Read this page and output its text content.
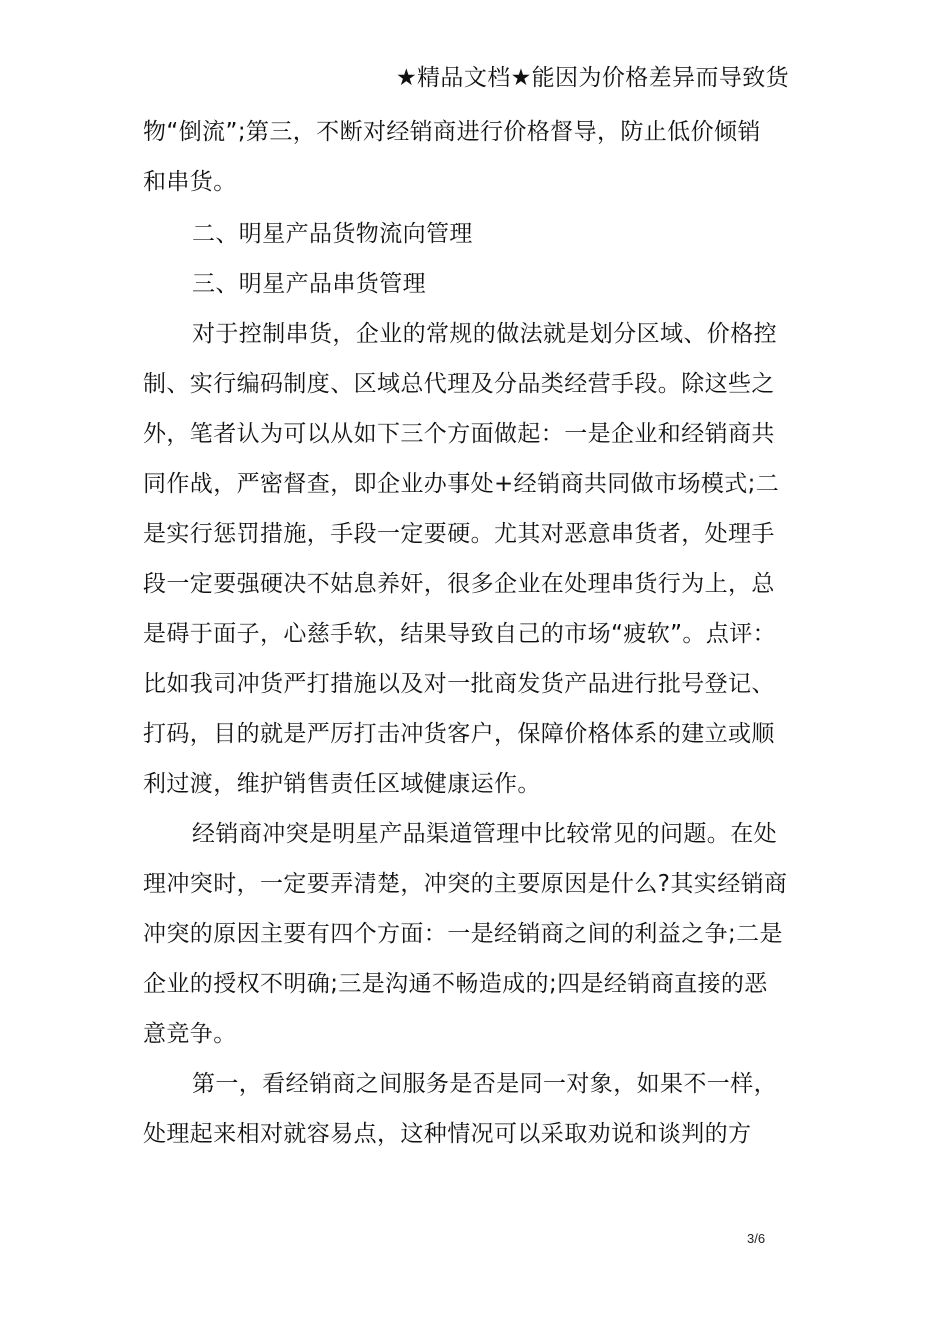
★精品文档★能因为价格差异而导致货
物“倒流”;第三，不断对经销商进行价格督导，防止低价倾销
和串货。
二、明星产品货物流向管理
三、明星产品串货管理
对于控制串货，企业的常规的做法就是划分区域、价格控
制、实行编码制度、区域总代理及分品类经营手段。除这些之
外，笔者认为可以从如下三个方面做起：一是企业和经销商共
同作战，严密督查，即企业办事处+经销商共同做市场模式;二
是实行惩罚措施，手段一定要硬。尤其对恶意串货者，处理手
段一定要强硬决不姑息养奸，很多企业在处理串货行为上，总
是碍于面子，心慈手软，结果导致自己的市场“疲软”。点评：
比如我司冲货严打措施以及对一批商发货产品进行批号登记、
打码，目的就是严厉打击冲货客户，保障价格体系的建立或顺
利过渡，维护销售责任区域健康运作。
经销商冲突是明星产品渠道管理中比较常见的问题。在处
理冲突时，一定要弄清楚，冲突的主要原因是什么?其实经销商
冲突的原因主要有四个方面：一是经销商之间的利益之争;二是
企业的授权不明确;三是沟通不畅造成的;四是经销商直接的恶
意竞争。
第一，看经销商之间服务是否是同一对象，如果不一样，
处理起来相对就容易点，这种情况可以采取劝说和谈判的方
3/6
